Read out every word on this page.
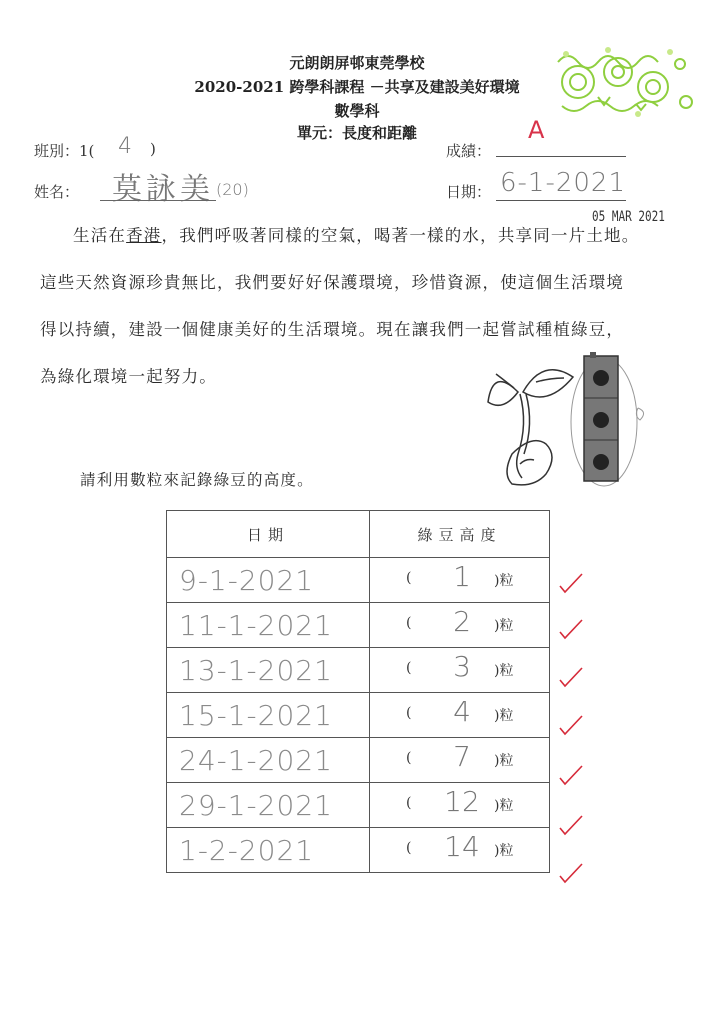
元朗朗屏邨東莞學校
2020-2021 跨學科課程 －共享及建設美好環境
數學科
單元：長度和距離
班別：1( 4 )
姓名： 莫詠美 (20)
成績：
A
日期： 6-1-2021
05 MAR 2021

生活在香港，我們呼吸著同樣的空氣，喝著一樣的水，共享同一片土地。

這些天然資源珍貴無比，我們要好好保護環境，珍惜資源，使這個生活環境

得以持續，建設一個健康美好的生活環境。現在讓我們一起嘗試種植綠豆，

為綠化環境一起努力。

請利用數粒來記錄綠豆的高度。
日期	綠豆高度
9-1-2021	( 1 )粒

11-1-2021	( 2 )粒

13-1-2021	( 3 )粒

15-1-2021	( 4 )粒

24-1-2021	( 7 )粒

29-1-2021	( 12 )粒

1-2-2021	( 14 )粒
